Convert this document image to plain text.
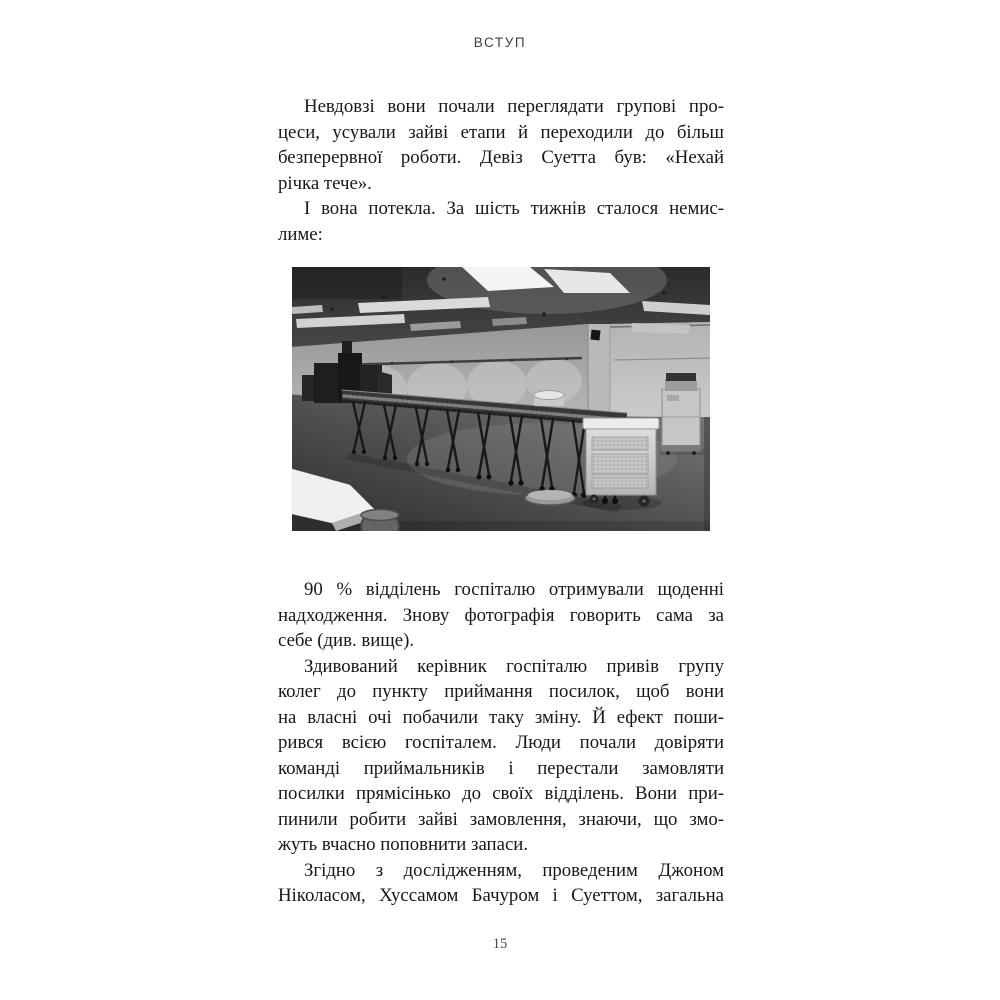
ВСТУП
Невдовзі вони почали переглядати групові про-
цеси, усували зайві етапи й переходили до більш
безперервної роботи. Девіз Суетта був: «Нехай
річка тече».
І вона потекла. За шість тижнів сталося немис-
лиме:
90 % відділень госпіталю отримували щоденні
надходження. Знову фотографія говорить сама за
себе (див. вище).
Здивований керівник госпіталю привів групу
колег до пункту приймання посилок, щоб вони
на власні очі побачили таку зміну. Й ефект поши-
рився всією госпіталем. Люди почали довіряти
команді приймальників і перестали замовляти
посилки прямісінько до своїх відділень. Вони при-
пинили робити зайві замовлення, знаючи, що змо-
жуть вчасно поповнити запаси.
Згідно з дослідженням, проведеним Джоном
Ніколасом, Хуссамом Бачуром і Суеттом, загальна
15
